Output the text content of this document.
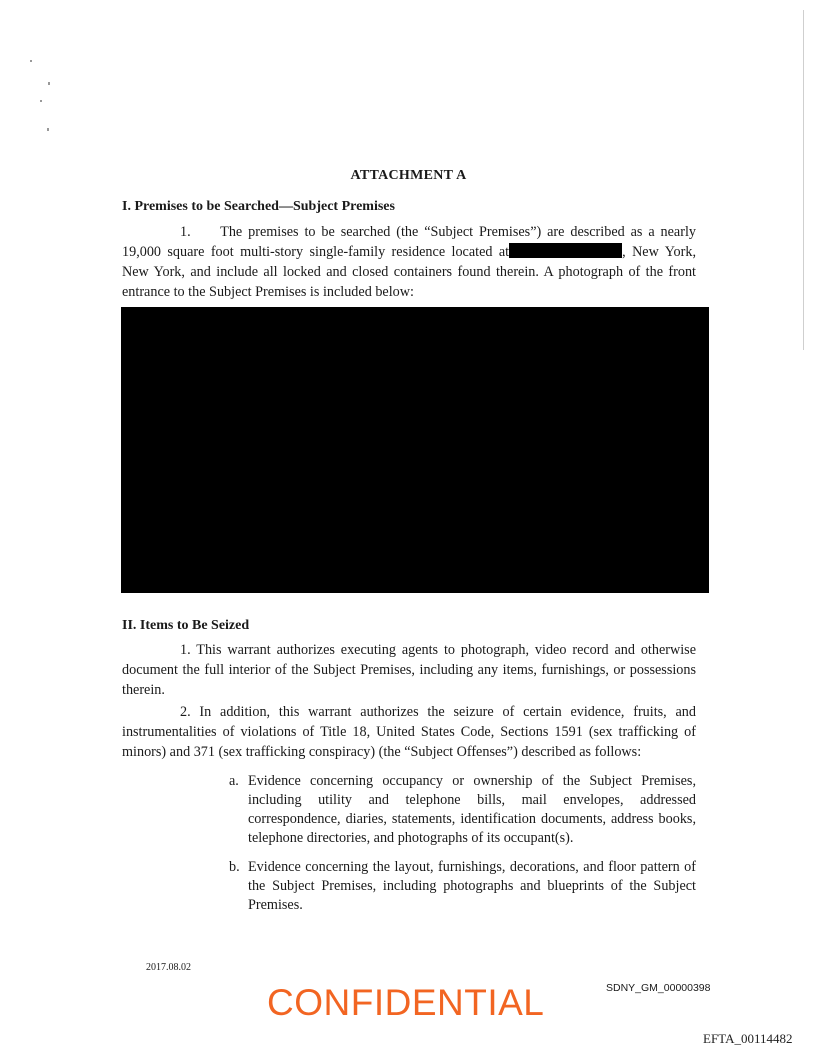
ATTACHMENT A
I. Premises to be Searched—Subject Premises
1. The premises to be searched (the “Subject Premises”) are described as a nearly 19,000 square foot multi-story single-family residence located at	, New York, New York, and include all locked and closed containers found therein. A photograph of the front entrance to the Subject Premises is included below:
II. Items to Be Seized
1. This warrant authorizes executing agents to photograph, video record and otherwise document the full interior of the Subject Premises, including any items, furnishings, or possessions therein.
2. In addition, this warrant authorizes the seizure of certain evidence, fruits, and instrumentalities of violations of Title 18, United States Code, Sections 1591 (sex trafficking of minors) and 371 (sex trafficking conspiracy) (the “Subject Offenses”) described as follows:
a. Evidence concerning occupancy or ownership of the Subject Premises, including utility and telephone bills, mail envelopes, addressed correspondence, diaries, statements, identification documents, address books, telephone directories, and photographs of its occupant(s).
b. Evidence concerning the layout, furnishings, decorations, and floor pattern of the Subject Premises, including photographs and blueprints of the Subject Premises.
2017.08.02
CONFIDENTIAL	SDNY_GM_00000398
EFTA_00114482
